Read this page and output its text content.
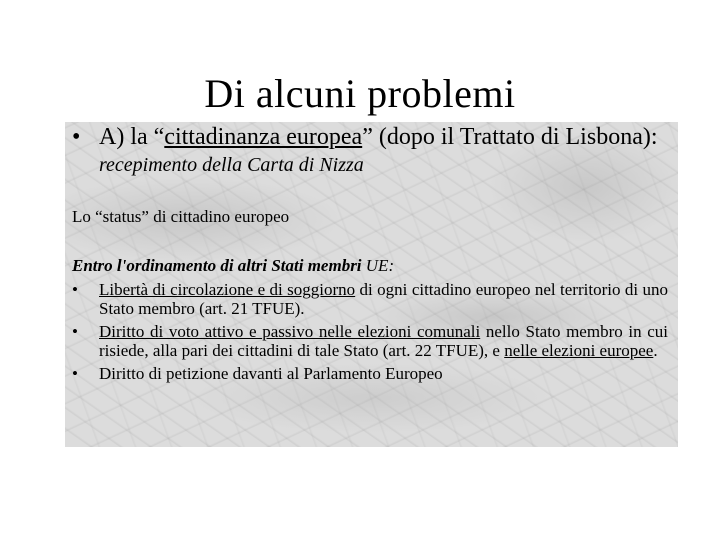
Di alcuni problemi
• A) la “cittadinanza europea” (dopo il Trattato di Lisbona): recepimento della Carta di Nizza
Lo “status” di cittadino europeo
Entro l'ordinamento di altri Stati membri UE:
• Libertà di circolazione e di soggiorno di ogni cittadino europeo nel territorio di uno Stato membro (art. 21 TFUE).
• Diritto di voto attivo e passivo nelle elezioni comunali nello Stato membro in cui risiede, alla pari dei cittadini di tale Stato (art. 22 TFUE), e nelle elezioni europee.
• Diritto di petizione davanti al Parlamento Europeo
